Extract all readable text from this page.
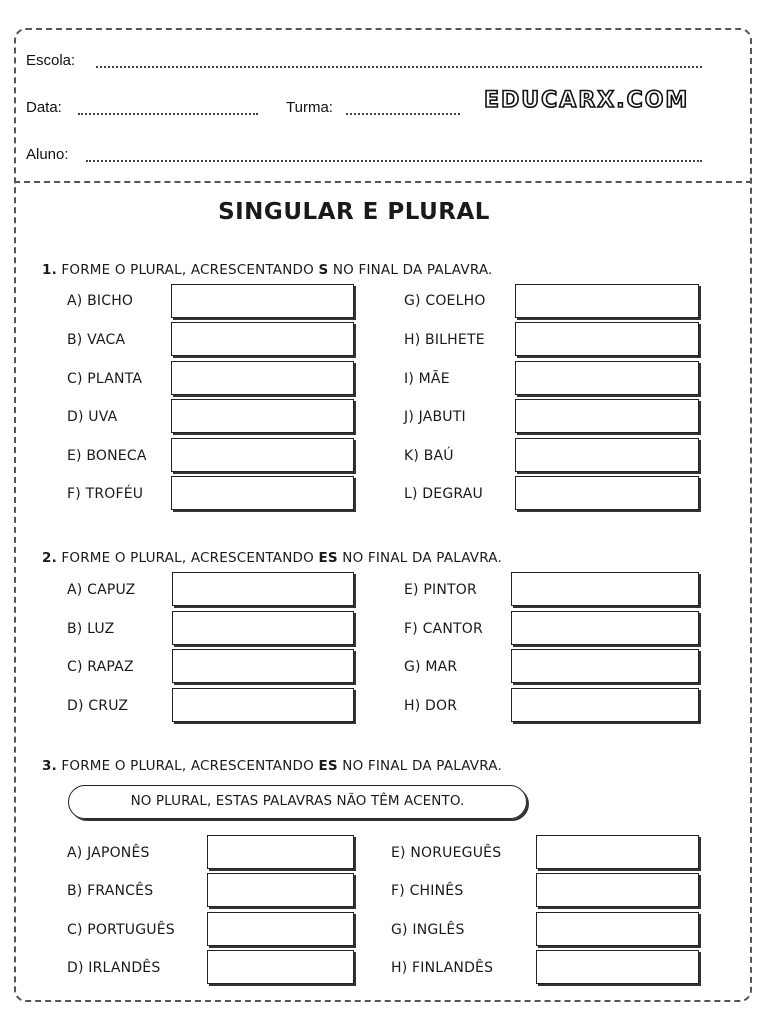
Escola:
Data:	Turma:	EDUCARX.COM
Aluno:
SINGULAR E PLURAL
1. FORME O PLURAL, ACRESCENTANDO S NO FINAL DA PALAVRA.
A) BICHO
B) VACA
C) PLANTA
D) UVA
E) BONECA
F) TROFÉU
G) COELHO
H) BILHETE
I) MÃE
J) JABUTI
K) BAÚ
L) DEGRAU
2. FORME O PLURAL, ACRESCENTANDO ES NO FINAL DA PALAVRA.
A) CAPUZ
B) LUZ
C) RAPAZ
D) CRUZ
E) PINTOR
F) CANTOR
G) MAR
H) DOR
3. FORME O PLURAL, ACRESCENTANDO ES NO FINAL DA PALAVRA.
NO PLURAL, ESTAS PALAVRAS NÃO TÊM ACENTO.
A) JAPONÊS
B) FRANCÊS
C) PORTUGUÊS
D) IRLANDÊS
E) NORUEGUÊS
F) CHINÊS
G) INGLÊS
H) FINLANDÊS
